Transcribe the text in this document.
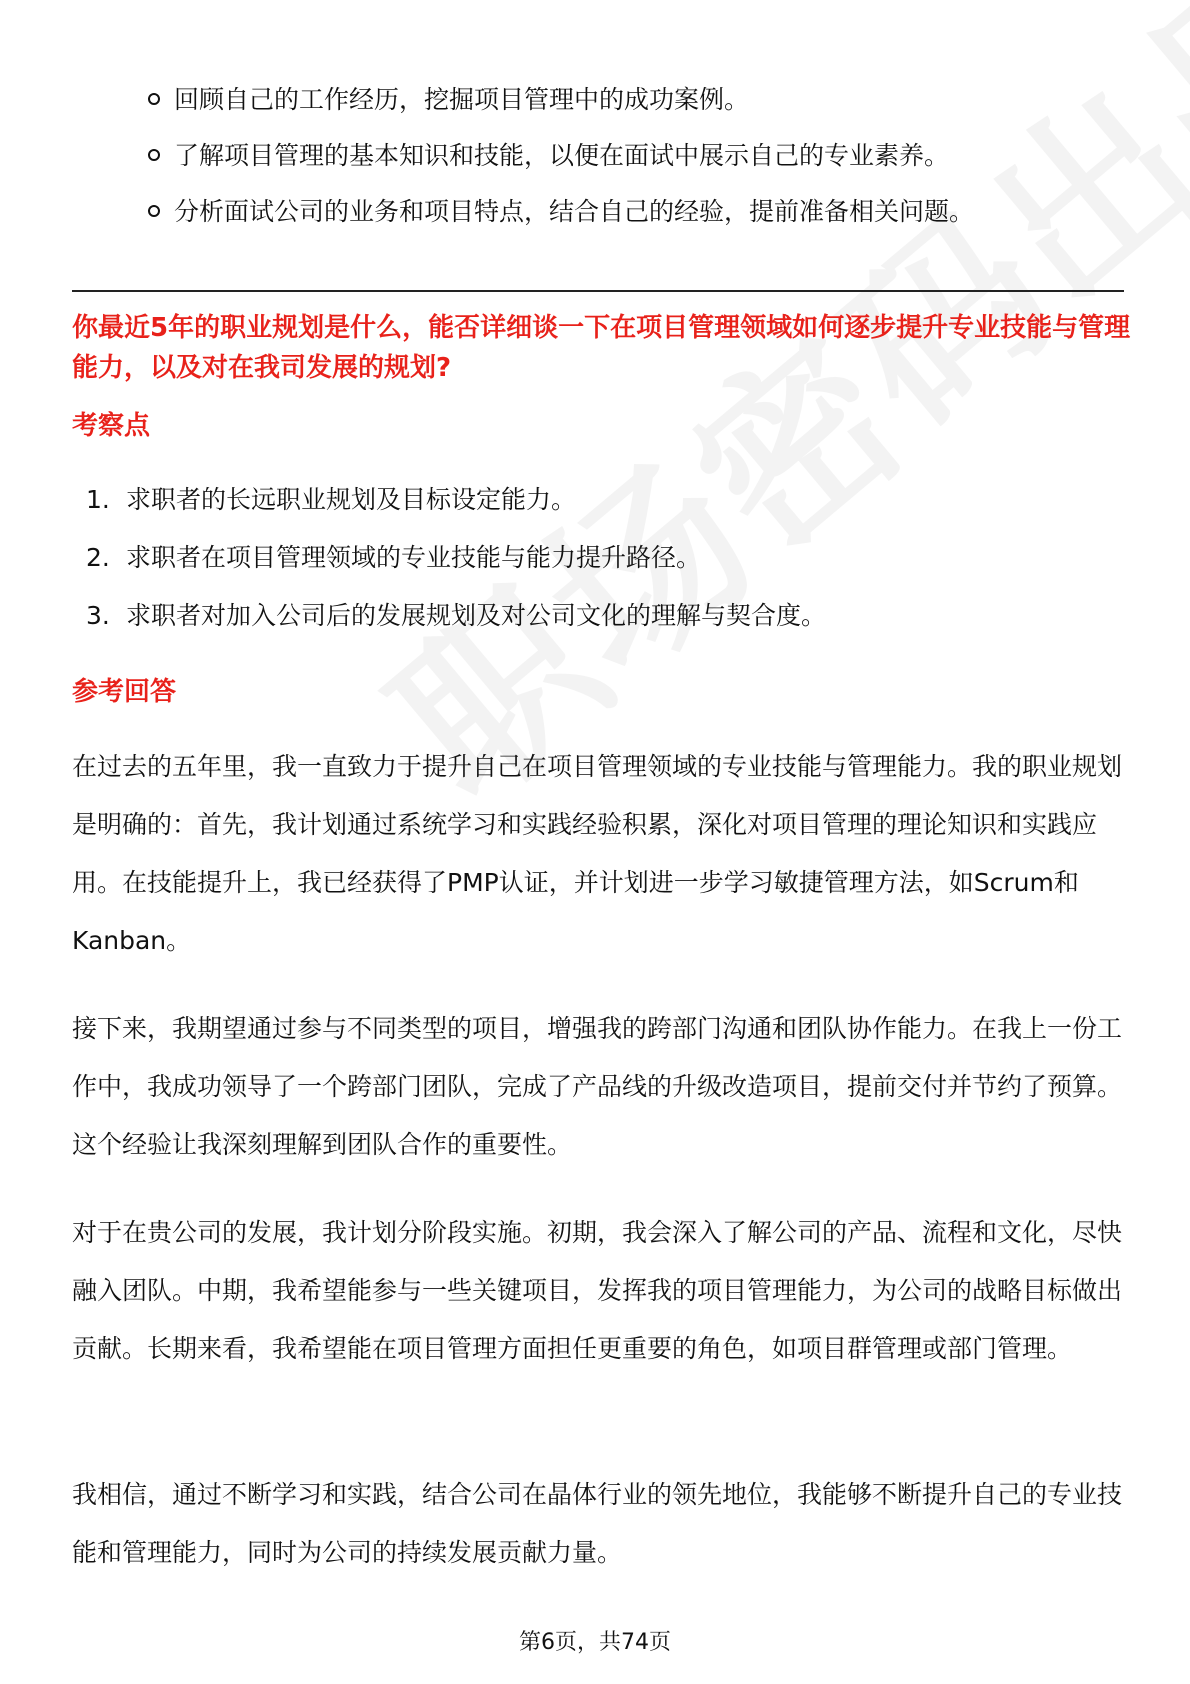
回顾自己的工作经历，挖掘项目管理中的成功案例。
了解项目管理的基本知识和技能，以便在面试中展示自己的专业素养。
分析面试公司的业务和项目特点，结合自己的经验，提前准备相关问题。
你最近5年的职业规划是什么，能否详细谈一下在项目管理领域如何逐步提升专业技能与管理能力，以及对在我司发展的规划?
考察点
1. 求职者的长远职业规划及目标设定能力。
2. 求职者在项目管理领域的专业技能与能力提升路径。
3. 求职者对加入公司后的发展规划及对公司文化的理解与契合度。
参考回答

在过去的五年里，我一直致力于提升自己在项目管理领域的专业技能与管理能力。我的职业规划是明确的：首先，我计划通过系统学习和实践经验积累，深化对项目管理的理论知识和实践应用。在技能提升上，我已经获得了PMP认证，并计划进一步学习敏捷管理方法，如Scrum和Kanban。

接下来，我期望通过参与不同类型的项目，增强我的跨部门沟通和团队协作能力。在我上一份工作中，我成功领导了一个跨部门团队，完成了产品线的升级改造项目，提前交付并节约了预算。这个经验让我深刻理解到团队合作的重要性。

对于在贵公司的发展，我计划分阶段实施。初期，我会深入了解公司的产品、流程和文化，尽快融入团队。中期，我希望能参与一些关键项目，发挥我的项目管理能力，为公司的战略目标做出贡献。长期来看，我希望能在项目管理方面担任更重要的角色，如项目群管理或部门管理。

我相信，通过不断学习和实践，结合公司在晶体行业的领先地位，我能够不断提升自己的专业技能和管理能力，同时为公司的持续发展贡献力量。

第6页，共74页
